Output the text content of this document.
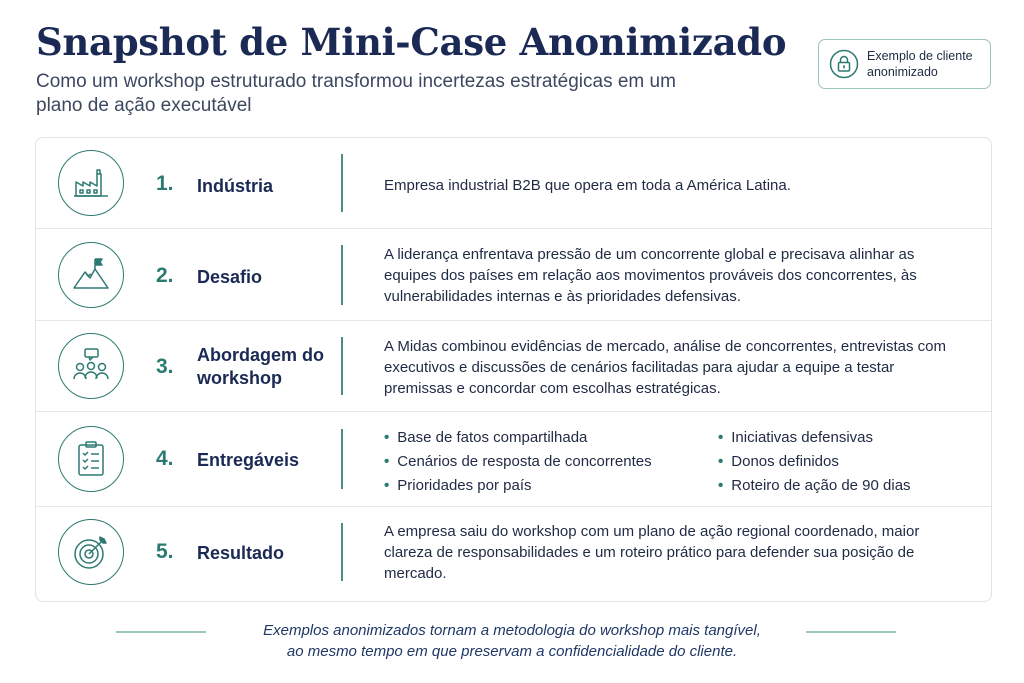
Snapshot de Mini-Case Anonimizado
Como um workshop estruturado transformou incertezas estratégicas em um plano de ação executável
Exemplo de cliente anonimizado
1. Indústria	Empresa industrial B2B que opera em toda a América Latina.
2. Desafio
A liderança enfrentava pressão de um concorrente global e precisava alinhar as equipes dos países em relação aos movimentos prováveis dos concorrentes, às vulnerabilidades internas e às prioridades defensivas.
3. Abordagem do workshop
A Midas combinou evidências de mercado, análise de concorrentes, entrevistas com executivos e discussões de cenários facilitadas para ajudar a equipe a testar premissas e concordar com escolhas estratégicas.
4. Entregáveis
• Base de fatos compartilhada
• Cenários de resposta de concorrentes
• Prioridades por país
• Iniciativas defensivas
• Donos definidos
• Roteiro de ação de 90 dias
5. Resultado
A empresa saiu do workshop com um plano de ação regional coordenado, maior clareza de responsabilidades e um roteiro prático para defender sua posição de mercado.
Exemplos anonimizados tornam a metodologia do workshop mais tangível,
ao mesmo tempo em que preservam a confidencialidade do cliente.
